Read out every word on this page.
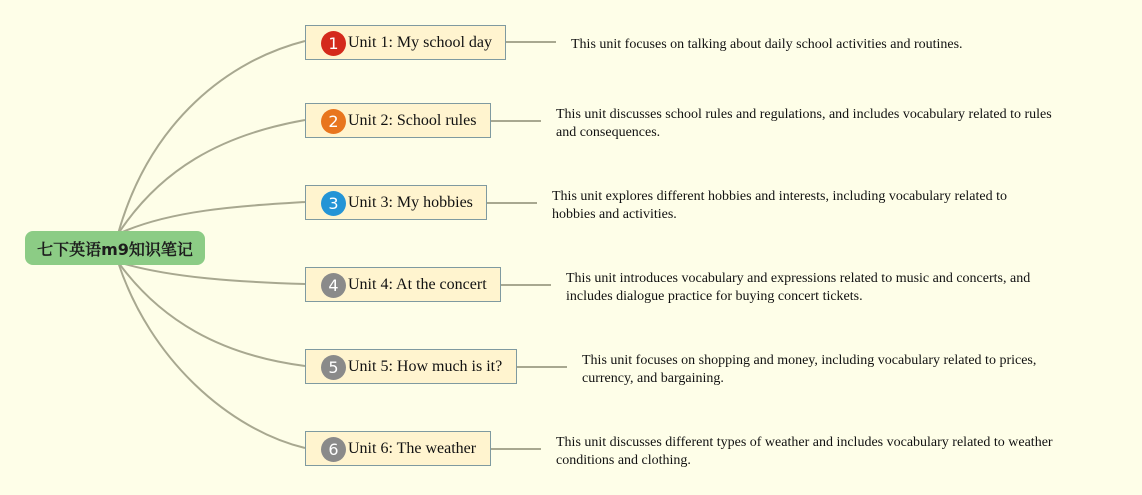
七下英语m9知识笔记
1 Unit 1: My school day	This unit focuses on talking about daily school activities and routines.
2 Unit 2: School rules	This unit discusses school rules and regulations, and includes vocabulary related to rules and consequences.
3 Unit 3: My hobbies	This unit explores different hobbies and interests, including vocabulary related to hobbies and activities.
4 Unit 4: At the concert	This unit introduces vocabulary and expressions related to music and concerts, and includes dialogue practice for buying concert tickets.
5 Unit 5: How much is it?	This unit focuses on shopping and money, including vocabulary related to prices, currency, and bargaining.
6 Unit 6: The weather	This unit discusses different types of weather and includes vocabulary related to weather conditions and clothing.
